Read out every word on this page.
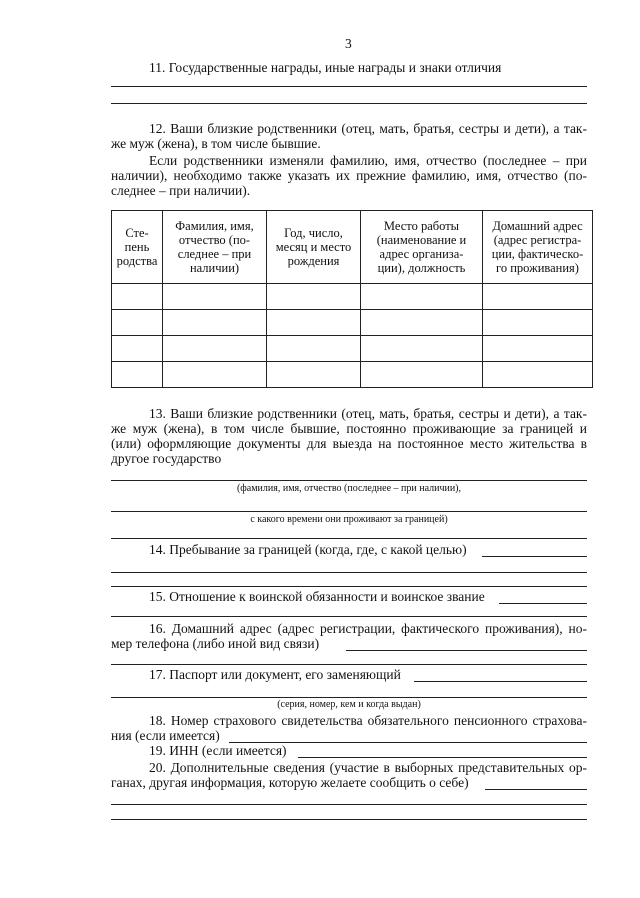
3
11. Государственные награды, иные награды и знаки отличия
12. Ваши близкие родственники (отец, мать, братья, сестры и дети), а так-
же муж (жена), в том числе бывшие.
Если родственники изменяли фамилию, имя, отчество (последнее – при
наличии), необходимо также указать их прежние фамилию, имя, отчество (по-
следнее – при наличии).
Сте-
пень
родства	Фамилия, имя,
отчество (по-
следнее – при
наличии)	Год, число,
месяц и место
рождения	Место работы
(наименование и
адрес организа-
ции), должность	Домашний адрес
(адрес регистра-
ции, фактическо-
го проживания)

13. Ваши близкие родственники (отец, мать, братья, сестры и дети), а так-
же муж (жена), в том числе бывшие, постоянно проживающие за границей и
(или) оформляющие документы для выезда на постоянное место жительства в
другое государство
(фамилия, имя, отчество (последнее – при наличии),
с какого времени они проживают за границей)
14. Пребывание за границей (когда, где, с какой целью)
15. Отношение к воинской обязанности и воинское звание
16. Домашний адрес (адрес регистрации, фактического проживания), но-
мер телефона (либо иной вид связи)
17. Паспорт или документ, его заменяющий
(серия, номер, кем и когда выдан)
18. Номер страхового свидетельства обязательного пенсионного страхова-
ния (если имеется)
19. ИНН (если имеется)
20. Дополнительные сведения (участие в выборных представительных ор-
ганах, другая информация, которую желаете сообщить о себе)
